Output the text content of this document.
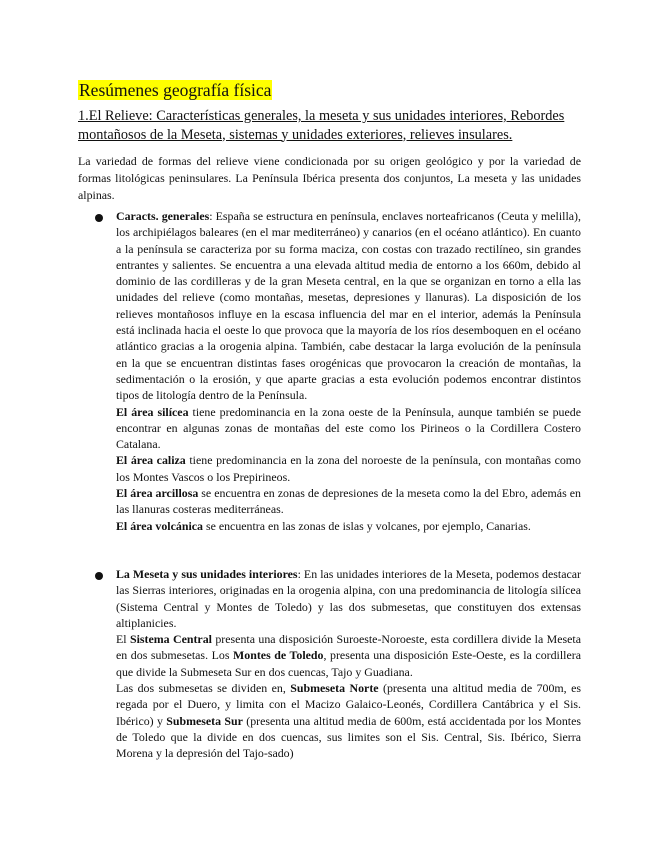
Resúmenes geografía física
1.El Relieve: Características generales, la meseta y sus unidades interiores, Rebordes
montañosos de la Meseta, sistemas y unidades exteriores, relieves insulares.
La variedad de formas del relieve viene condicionada por su origen geológico y por la variedad de formas litológicas peninsulares. La Península Ibérica presenta dos conjuntos, La meseta y las unidades alpinas.

Caracts. generales: España se estructura en península, enclaves norteafricanos (Ceuta y melilla), los archipiélagos baleares (en el mar mediterráneo) y canarios (en el océano atlántico). En cuanto a la península se caracteriza por su forma maciza, con costas con trazado rectilíneo, sin grandes entrantes y salientes. Se encuentra a una elevada altitud media de entorno a los 660m, debido al dominio de las cordilleras y de la gran Meseta central, en la que se organizan en torno a ella las unidades del relieve (como montañas, mesetas, depresiones y llanuras). La disposición de los relieves montañosos influye en la escasa influencia del mar en el interior, además la Península está inclinada hacia el oeste lo que provoca que la mayoría de los ríos desemboquen en el océano atlántico gracias a la orogenia alpina. También, cabe destacar la larga evolución de la península en la que se encuentran distintas fases orogénicas que provocaron la creación de montañas, la sedimentación o la erosión, y que aparte gracias a esta evolución podemos encontrar distintos tipos de litología dentro de la Península.

El área silícea tiene predominancia en la zona oeste de la Península, aunque también se puede encontrar en algunas zonas de montañas del este como los Pirineos o la Cordillera Costero Catalana.

El área caliza tiene predominancia en la zona del noroeste de la península, con montañas como los Montes Vascos o los Prepirineos.

El área arcillosa se encuentra en zonas de depresiones de la meseta como la del Ebro, además en las llanuras costeras mediterráneas.

El área volcánica se encuentra en las zonas de islas y volcanes, por ejemplo, Canarias.

La Meseta y sus unidades interiores: En las unidades interiores de la Meseta, podemos destacar las Sierras interiores, originadas en la orogenia alpina, con una predominancia de litología silícea (Sistema Central y Montes de Toledo) y las dos submesetas, que constituyen dos extensas altiplanicies.

El Sistema Central presenta una disposición Suroeste-Noroeste, esta cordillera divide la Meseta en dos submesetas. Los Montes de Toledo, presenta una disposición Este-Oeste, es la cordillera que divide la Submeseta Sur en dos cuencas, Tajo y Guadiana.

Las dos submesetas se dividen en, Submeseta Norte (presenta una altitud media de 700m, es regada por el Duero, y limita con el Macizo Galaico-Leonés, Cordillera Cantábrica y el Sis. Ibérico) y Submeseta Sur (presenta una altitud media de 600m, está accidentada por los Montes de Toledo que la divide en dos cuencas, sus limites son el Sis. Central, Sis. Ibérico, Sierra Morena y la depresión del Tajo-sado)
